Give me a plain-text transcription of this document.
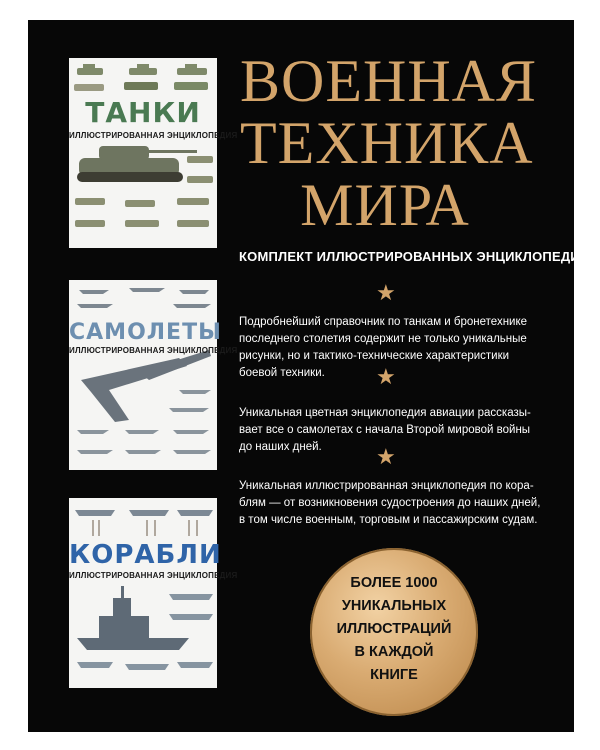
ТАНКИ
ИЛЛЮСТРИРОВАННАЯ ЭНЦИКЛОПЕДИЯ
САМОЛЕТЫ
ИЛЛЮСТРИРОВАННАЯ ЭНЦИКЛОПЕДИЯ
КОРАБЛИ
ИЛЛЮСТРИРОВАННАЯ ЭНЦИКЛОПЕДИЯ
ВОЕННАЯ
ТЕХНИКА
МИРА
КОМПЛЕКТ ИЛЛЮСТРИРОВАННЫХ ЭНЦИКЛОПЕДИЙ
★
Подробнейший справочник по танкам и бронетехнике
последнего столетия содержит не только уникальные
рисунки, но и тактико-технические характеристики
боевой техники.	★
Уникальная цветная энциклопедия авиации рассказы-
вает все о самолетах с начала Второй мировой войны
до наших дней.	★
Уникальная иллюстрированная энциклопедия по кора-
блям — от возникновения судостроения до наших дней,
в том числе военным, торговым и пассажирским судам.
БОЛЕЕ 1000
УНИКАЛЬНЫХ
ИЛЛЮСТРАЦИЙ
В КАЖДОЙ
КНИГЕ
